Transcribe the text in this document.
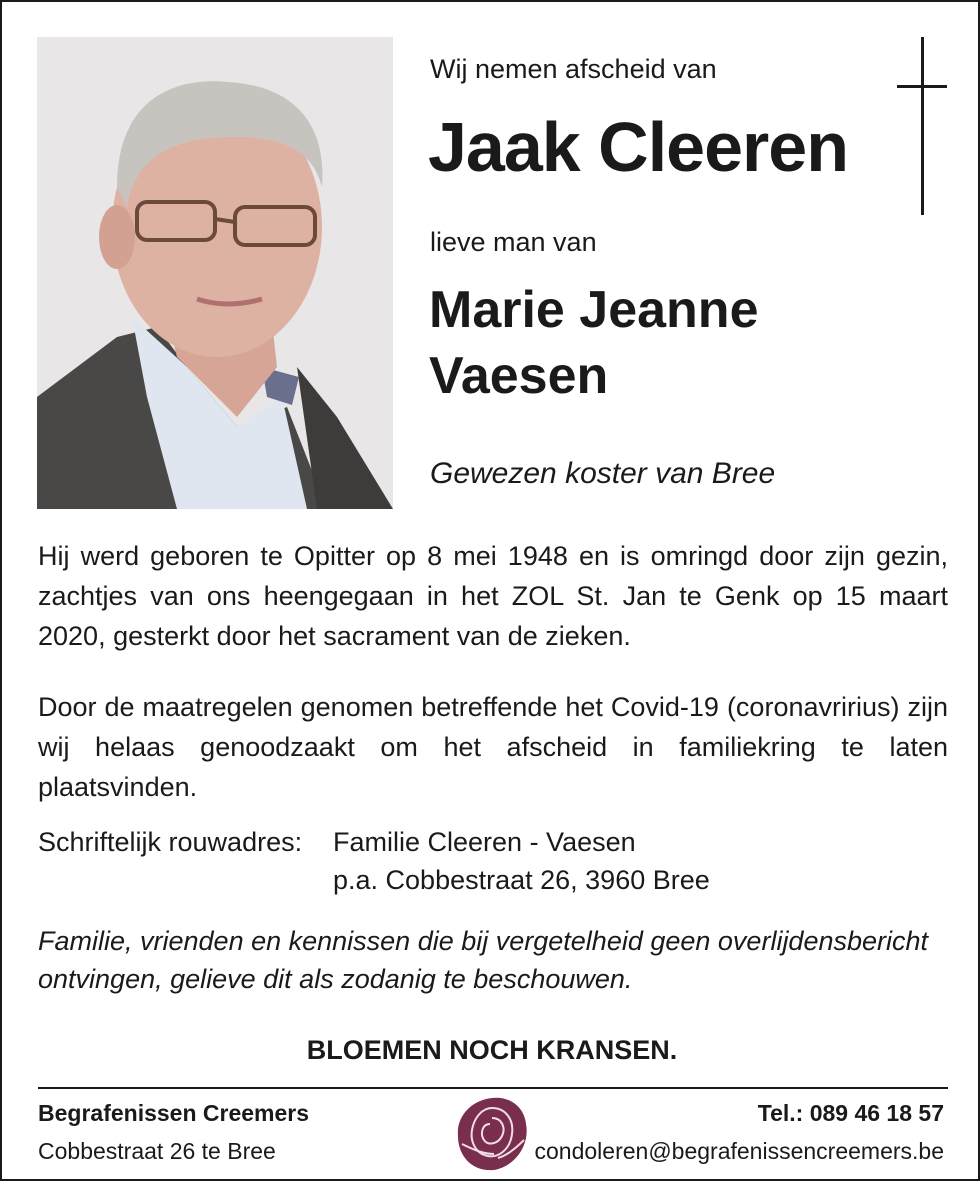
Wij nemen afscheid van
Jaak Cleeren
lieve man van
Marie Jeanne Vaesen
Gewezen koster van Bree
Hij werd geboren te Opitter op 8 mei 1948 en is omringd door zijn gezin, zachtjes van ons heengegaan in het ZOL St. Jan te Genk op 15 maart 2020, gesterkt door het sacrament van de zieken.
Door de maatregelen genomen betreffende het Covid-19 (coronavririus) zijn wij helaas genoodzaakt om het afscheid in familiekring te laten plaatsvinden.
Schriftelijk rouwadres: Familie Cleeren - Vaesen
p.a. Cobbestraat 26, 3960 Bree
Familie, vrienden en kennissen die bij vergetelheid geen overlijdensbericht ontvingen, gelieve dit als zodanig te beschouwen.
BLOEMEN NOCH KRANSEN.
Begrafenissen Creemers
Cobbestraat 26 te Bree
Tel.: 089 46 18 57
condoleren@begrafenissencreemers.be
